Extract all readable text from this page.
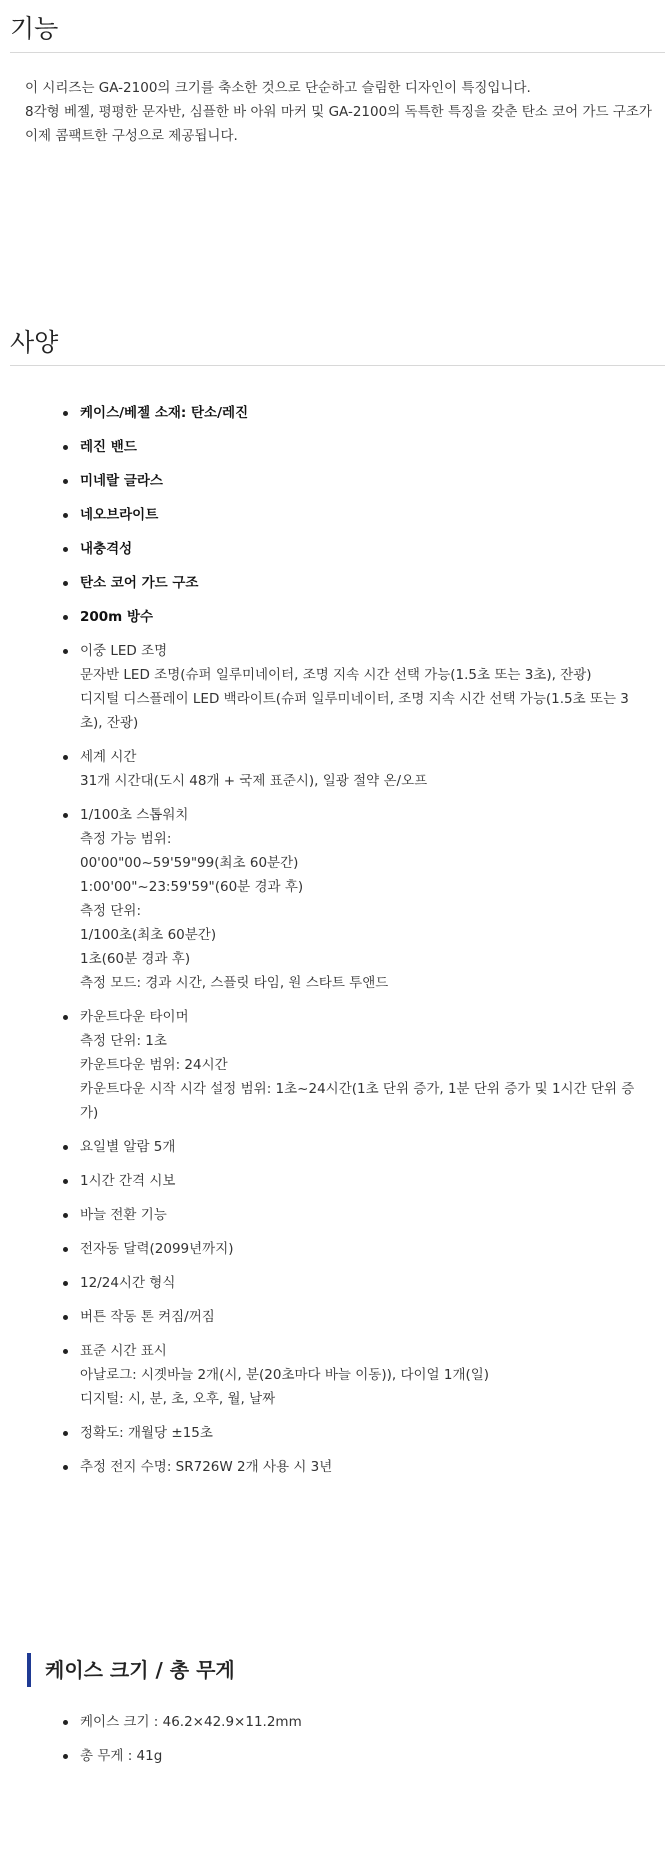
기능

이 시리즈는 GA-2100의 크기를 축소한 것으로 단순하고 슬림한 디자인이 특징입니다.

8각형 베젤, 평평한 문자반, 심플한 바 아워 마커 및 GA-2100의 독특한 특징을 갖춘 탄소 코어 가드 구조가 이제 콤팩트한 구성으로 제공됩니다.

사양
케이스/베젤 소재: 탄소/레진
레진 밴드
미네랄 글라스
네오브라이트
내충격성
탄소 코어 가드 구조
200m 방수
이중 LED 조명
문자반 LED 조명(슈퍼 일루미네이터, 조명 지속 시간 선택 가능(1.5초 또는 3초), 잔광)
디지털 디스플레이 LED 백라이트(슈퍼 일루미네이터, 조명 지속 시간 선택 가능(1.5초 또는 3초), 잔광)
세계 시간
31개 시간대(도시 48개 + 국제 표준시), 일광 절약 온/오프
1/100초 스톱워치
측정 가능 범위:
00'00"00~59'59"99(최초 60분간)
1:00'00"~23:59'59"(60분 경과 후)
측정 단위:
1/100초(최초 60분간)
1초(60분 경과 후)
측정 모드: 경과 시간, 스플릿 타임, 원 스타트 투앤드
카운트다운 타이머
측정 단위: 1초
카운트다운 범위: 24시간
카운트다운 시작 시각 설정 범위: 1초~24시간(1초 단위 증가, 1분 단위 증가 및 1시간 단위 증가)
요일별 알람 5개
1시간 간격 시보
바늘 전환 기능
전자동 달력(2099년까지)
12/24시간 형식
버튼 작동 톤 켜짐/꺼짐
표준 시간 표시
아날로그: 시곗바늘 2개(시, 분(20초마다 바늘 이동)), 다이얼 1개(일)
디지털: 시, 분, 초, 오후, 월, 날짜
정확도: 개월당 ±15초
추정 전지 수명: SR726W 2개 사용 시 3년
케이스 크기 / 총 무게
케이스 크기 : 46.2×42.9×11.2mm
총 무게 : 41g
